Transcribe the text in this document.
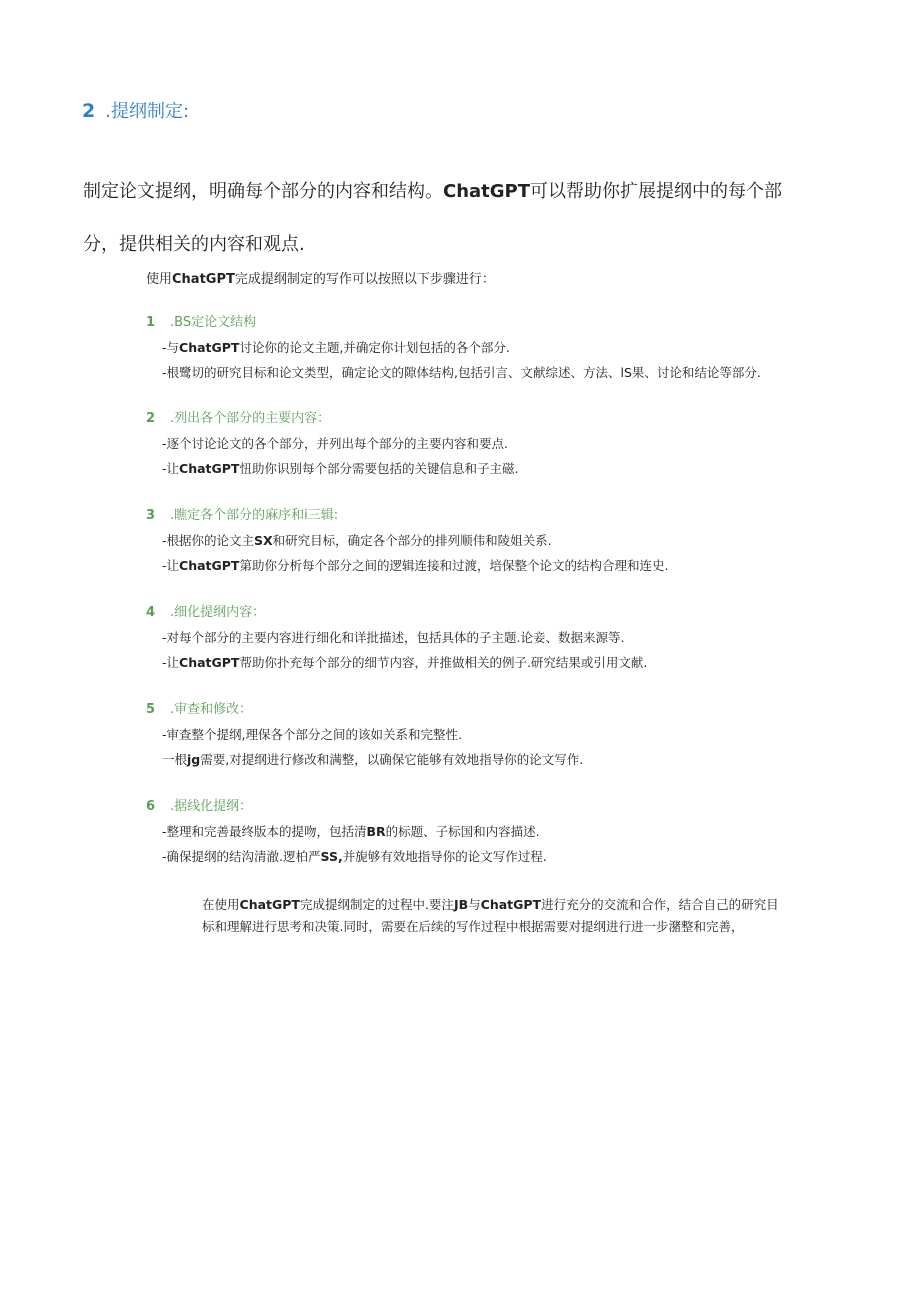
2 .提纲制定:
制定论文提纲，明确每个部分的内容和结构。ChatGPT可以帮助你扩展提纲中的每个部
分，提供相关的内容和观点.
使用ChatGPT完成提纲制定的写作可以按照以下步骤进行：
1 .BS定论文结构
-与ChatGPT讨论你的论文主题,并确定你计划包括的各个部分.
-根鹭切的研究目标和论文类型，确定论文的隙体结构,包括引言、文献综述、方法、lS果、讨论和结论等部分.
2 .列出各个部分的主要内容：
-逐个讨论论文的各个部分，并列出每个部分的主要内容和要点.
-让ChatGPT忸助你识别每个部分需要包括的关键信息和子主磁.
3 .瞧定各个部分的麻序和i三辑:
-根据你的论文主SX和研究目标，确定各个部分的排列顺伟和陵姐关系.
-让ChatGPT第助你分析每个部分之间的逻辑连接和过渡，培保整个论文的结构合理和连史.
4 .细化提纲内容：
-对每个部分的主要内容进行细化和详批描述，包括具体的子主题.论妾、数据来源等.
-让ChatGPT帮助你扑充每个部分的细节内容，并推做相关的例子.研究结果或引用文献.
5 .审查和修改：
-审查整个提纲,理保各个部分之间的该如关系和完整性.
一根jg需要,对提纲进行修改和满整，以确保它能够有效地指导你的论文写作.
6 .据线化提纲：
-整理和完善最终版本的提吻，包括清BR的标题、子标国和内容描述.
-确保提纲的结沟清澈.逻柏严SS,并旎够有效地指导你的论文写作过程.
在使用ChatGPT完成提纲制定的过程中.要注JB与ChatGPT进行充分的交流和合作，结合自己的研究目
标和理解进行思考和决策.同时，需要在后续的写作过程中根据需要对提纲进行进一步潴整和完善，
